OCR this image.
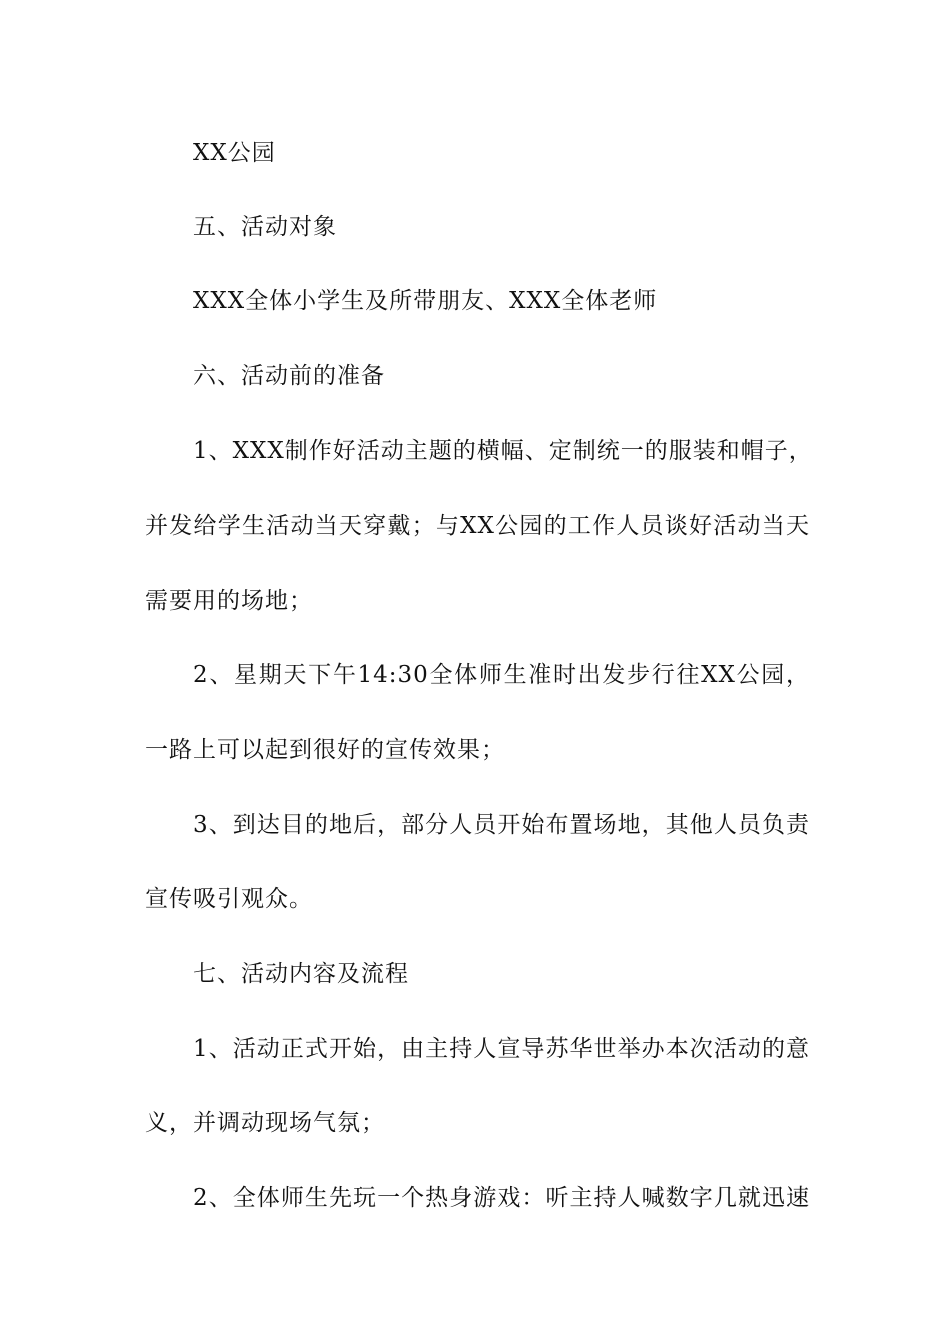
XX公园
五、活动对象
XXX全体小学生及所带朋友、XXX全体老师
六、活动前的准备
1、XXX制作好活动主题的横幅、定制统一的服装和帽子，
并发给学生活动当天穿戴；与XX公园的工作人员谈好活动当天
需要用的场地；
2、星期天下午14:30全体师生准时出发步行往XX公园，
一路上可以起到很好的宣传效果；
3、到达目的地后，部分人员开始布置场地，其他人员负责
宣传吸引观众。
七、活动内容及流程
1、活动正式开始，由主持人宣导苏华世举办本次活动的意
义，并调动现场气氛；
2、全体师生先玩一个热身游戏：听主持人喊数字几就迅速
